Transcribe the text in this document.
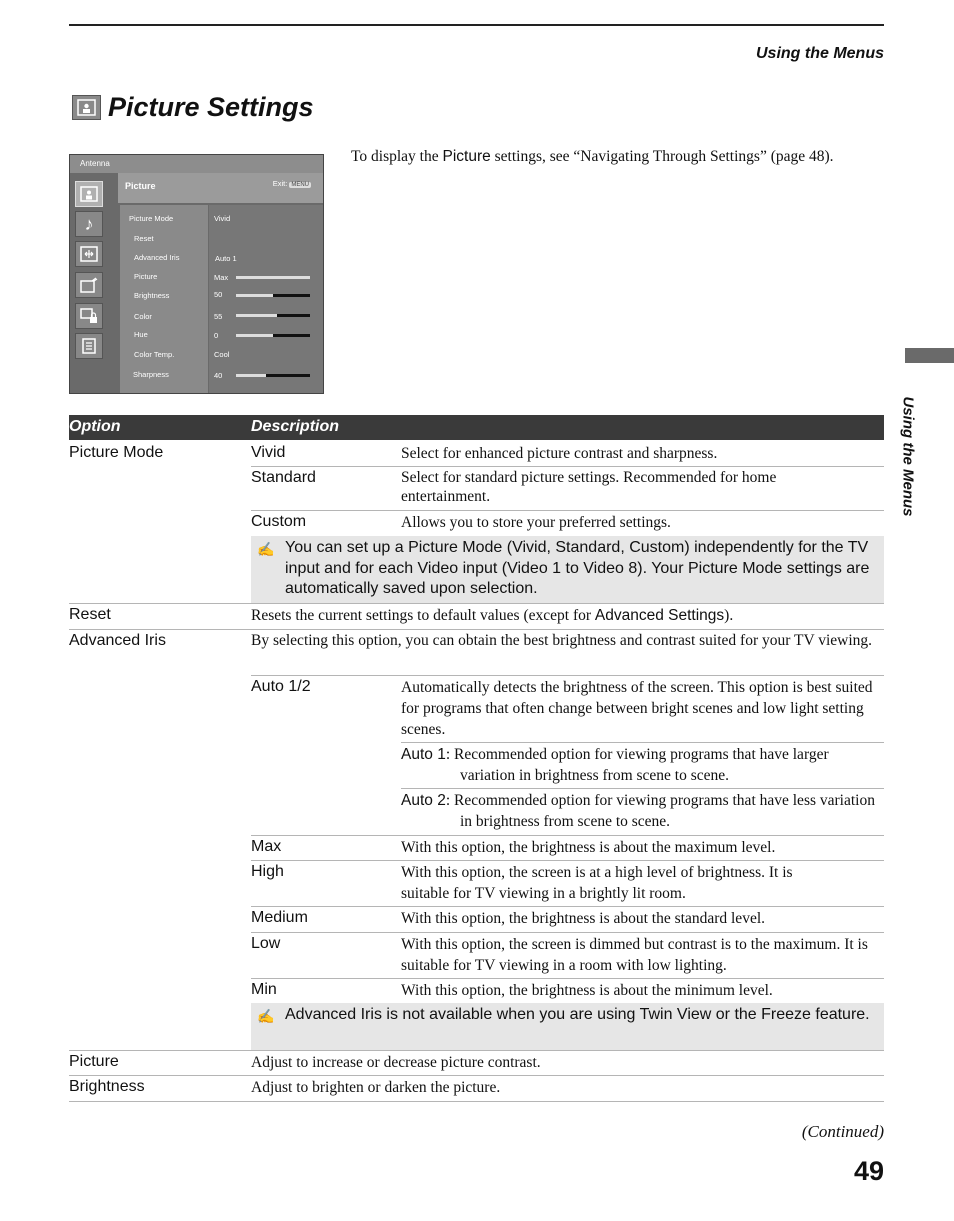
Using the Menus
Picture Settings
To display the Picture settings, see “Navigating Through Settings” (page 48).
Antenna
Picture	Exit: MENU
♪	Picture Mode	Vivid
Reset
Advanced Iris	Auto 1
Picture	Max
Brightness	50
Color	55
Hue	0
Color Temp.	Cool
Sharpness	40
Option	Description
Picture Mode	Vivid	Select for enhanced picture contrast and sharpness.
Standard	Select for standard picture settings. Recommended for home entertainment.
Custom	Allows you to store your preferred settings.
✍ You can set up a Picture Mode (Vivid, Standard, Custom) independently for the TV input and for each Video input (Video 1 to Video 8). Your Picture Mode settings are automatically saved upon selection.
Reset	Resets the current settings to default values (except for Advanced Settings).
Advanced Iris	By selecting this option, you can obtain the best brightness and contrast suited for your TV viewing.
Auto 1/2	Automatically detects the brightness of the screen. This option is best suited for programs that often change between bright scenes and low light setting scenes.
Auto 1: Recommended option for viewing programs that have larger variation in brightness from scene to scene.
Auto 2: Recommended option for viewing programs that have less variation in brightness from scene to scene.
Max	With this option, the brightness is about the maximum level.
High	With this option, the screen is at a high level of brightness. It is suitable for TV viewing in a brightly lit room.
Medium	With this option, the brightness is about the standard level.
Low	With this option, the screen is dimmed but contrast is to the maximum. It is suitable for TV viewing in a room with low lighting.
Min	With this option, the brightness is about the minimum level.
✍ Advanced Iris is not available when you are using Twin View or the Freeze feature.
Picture	Adjust to increase or decrease picture contrast.
Brightness	Adjust to brighten or darken the picture.
Using the Menus
(Continued)
49
